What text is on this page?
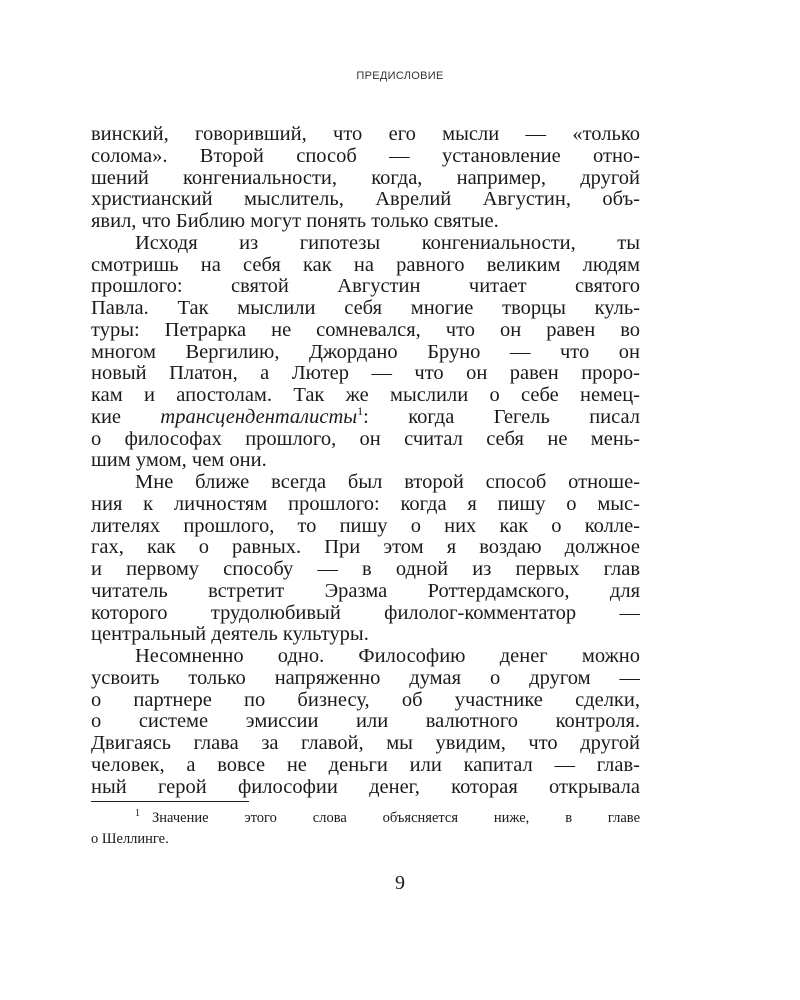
ПРЕДИСЛОВИЕ
винский, говоривший, что его мысли — «только
солома». Второй способ — установление отно-
шений конгениальности, когда, например, другой
христианский мыслитель, Аврелий Августин, объ-
явил, что Библию могут понять только святые.
Исходя из гипотезы конгениальности, ты
смотришь на себя как на равного великим людям
прошлого: святой Августин читает святого
Павла. Так мыслили себя многие творцы куль-
туры: Петрарка не сомневался, что он равен во
многом Вергилию, Джордано Бруно — что он
новый Платон, а Лютер — что он равен проро-
кам и апостолам. Так же мыслили о себе немец-
кие трансценденталисты$^1$: когда Гегель писал
о философах прошлого, он считал себя не мень-
шим умом, чем они.
Мне ближе всегда был второй способ отноше-
ния к личностям прошлого: когда я пишу о мыс-
лителях прошлого, то пишу о них как о колле-
гах, как о равных. При этом я воздаю должное
и первому способу — в одной из первых глав
читатель встретит Эразма Роттердамского, для
которого трудолюбивый филолог-комментатор —
центральный деятель культуры.
Несомненно одно. Философию денег можно
усвоить только напряженно думая о другом —
о партнере по бизнесу, об участнике сделки,
о системе эмиссии или валютного контроля.
Двигаясь глава за главой, мы увидим, что другой
человек, а вовсе не деньги или капитал — глав-
ный герой философии денег, которая открывала
1 Значение этого слова объясняется ниже, в главе
о Шеллинге.
9
